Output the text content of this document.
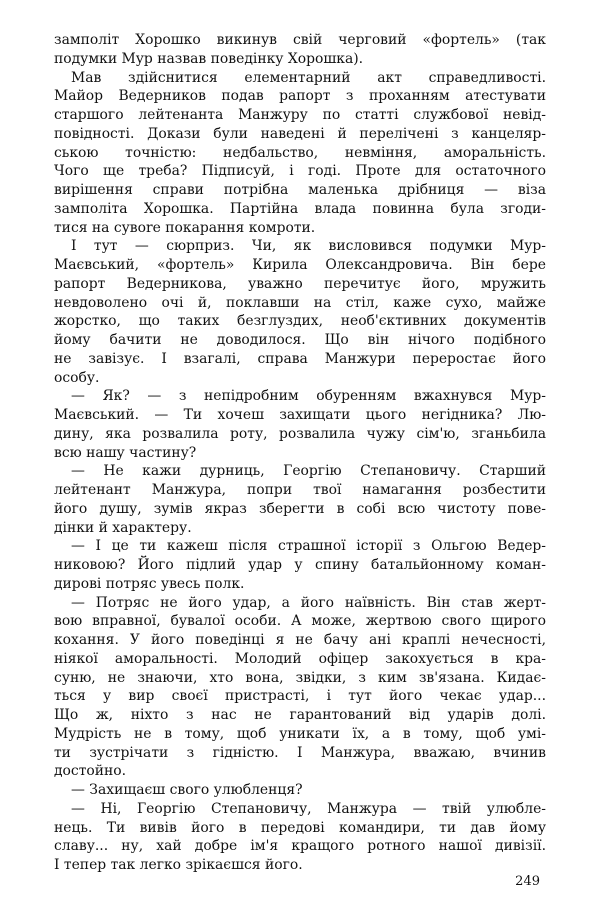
замполіт Хорошко викинув свій черговий «фортель» (так
подумки Мур назвав поведінку Хорошка).
Мав здійснитися елементарний акт справедливості.
Майор Ведерников подав рапорт з проханням атестувати
старшого лейтенанта Манжуру по статті службової невід-
повідності. Докази були наведені й перелічені з канцеляр-
ською точністю: недбальство, невміння, аморальність.
Чого ще треба? Підписуй, і годі. Проте для остаточного
вирішення справи потрібна маленька дрібниця — віза
замполіта Хорошка. Партійна влада повинна була згоди-
тися на сувore покарання комроти.
І тут — сюрприз. Чи, як висловився подумки Мур-
Маєвський, «фортель» Кирила Олександровича. Він бере
рапорт Ведерникова, уважно перечитує його, мружить
невдоволено очі й, поклавши на стіл, каже сухо, майже
жорстко, що таких безглуздих, необ'єктивних документів
йому бачити не доводилося. Що він нічого подібного
не завізує. І взагалі, справа Манжури переростає його
особу.
— Як? — з непідробним обуренням вжахнувся Мур-
Маєвський. — Ти хочеш захищати цього негідника? Лю-
дину, яка розвалила роту, розвалила чужу сім'ю, зганьбила
всю нашу частину?
— Не кажи дурниць, Георгію Степановичу. Старший
лейтенант Манжура, попри твої намагання розбестити
його душу, зумів якраз зберегти в собі всю чистоту пове-
дінки й характеру.
— І це ти кажеш після страшної історії з Ольгою Ведер-
никовою? Його підлий удар у спину батальйонному коман-
дирові потряс увесь полк.
— Потряс не його удар, а його наївність. Він став жерт-
вою вправної, бувалої особи. А може, жертвою свого щирого
кохання. У його поведінці я не бачу ані краплі нечесності,
ніякої аморальності. Молодий офіцер закохується в кра-
суню, не знаючи, хто вона, звідки, з ким зв'язана. Кидає-
ться у вир своєї пристрасті, і тут його чекає удар...
Що ж, ніхто з нас не гарантований від ударів долі.
Мудрість не в тому, щоб уникати їх, а в тому, щоб умі-
ти зустрічати з гідністю. І Манжура, вважаю, вчинив
достойно.
— Захищаєш свого улюбленця?
— Ні, Георгію Степановичу, Манжура — твій улюбле-
нець. Ти вивів його в передові командири, ти дав йому
славу... ну, хай добре ім'я кращого ротного нашої дивізії.
І тепер так легко зрікаєшся його.
249
